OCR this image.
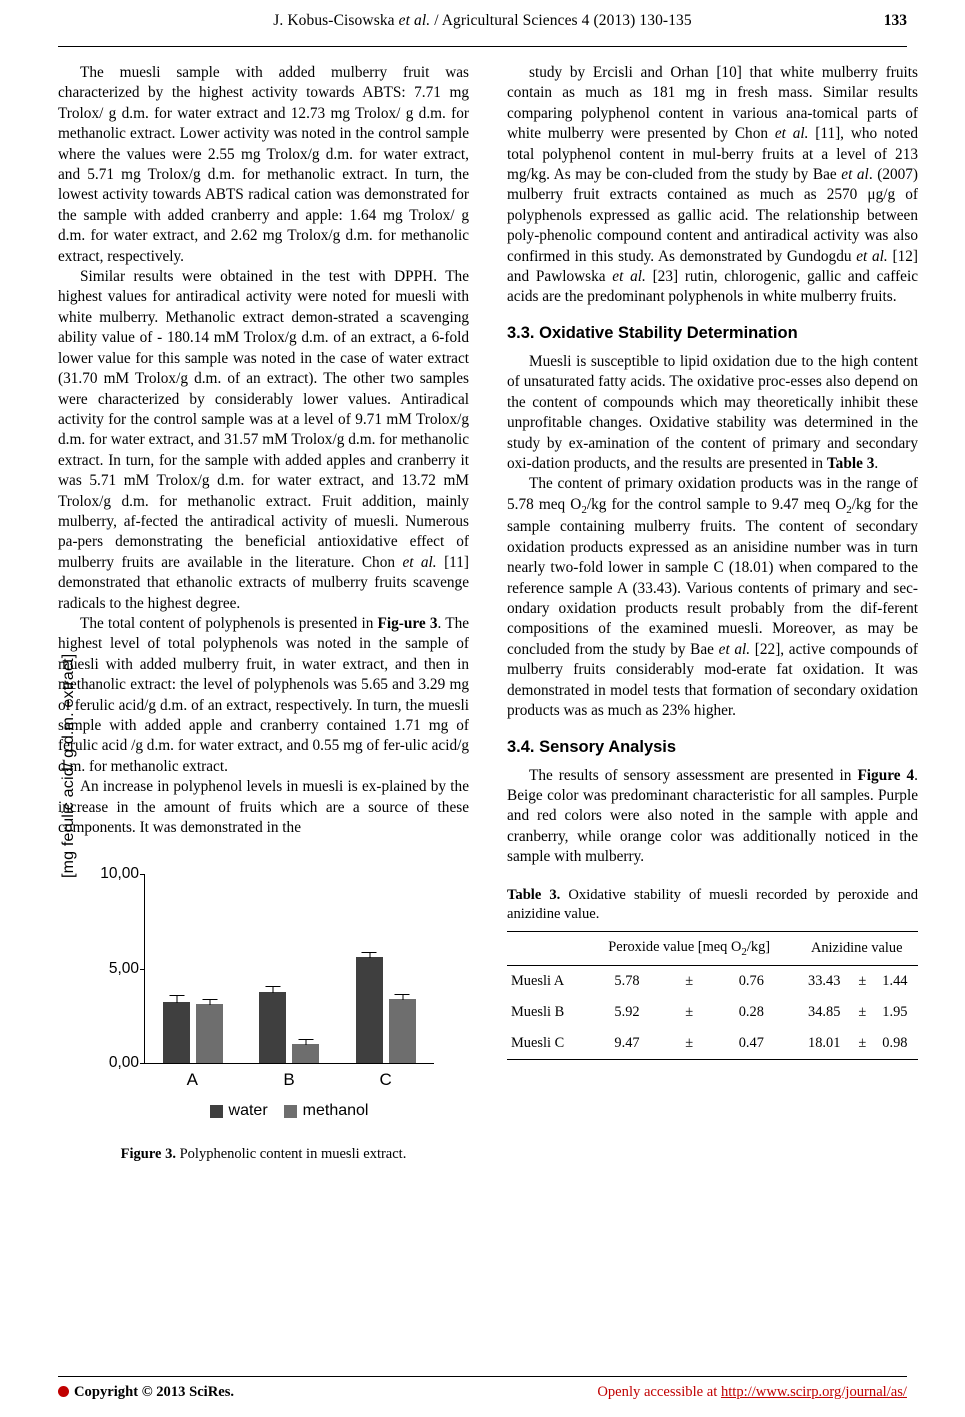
J. Kobus-Cisowska et al. / Agricultural Sciences 4 (2013) 130-135	133

The muesli sample with added mulberry fruit was characterized by the highest activity towards ABTS: 7.71 mg Trolox/ g d.m. for water extract and 12.73 mg Trolox/ g d.m. for methanolic extract. Lower activity was noted in the control sample where the values were 2.55 mg Trolox/g d.m. for water extract, and 5.71 mg Trolox/g d.m. for methanolic extract. In turn, the lowest activity towards ABTS radical cation was demonstrated for the sample with added cranberry and apple: 1.64 mg Trolox/ g d.m. for water extract, and 2.62 mg Trolox/g d.m. for methanolic extract, respectively.

Similar results were obtained in the test with DPPH. The highest values for antiradical activity were noted for muesli with white mulberry. Methanolic extract demon-strated a scavenging ability value of - 180.14 mM Trolox/g d.m. of an extract, a 6-fold lower value for this sample was noted in the case of water extract (31.70 mM Trolox/g d.m. of an extract). The other two samples were characterized by considerably lower values. Antiradical activity for the control sample was at a level of 9.71 mM Trolox/g d.m. for water extract, and 31.57 mM Trolox/g d.m. for methanolic extract. In turn, for the sample with added apples and cranberry it was 5.71 mM Trolox/g d.m. for water extract, and 13.72 mM Trolox/g d.m. for methanolic extract. Fruit addition, mainly mulberry, af-fected the antiradical activity of muesli. Numerous pa-pers demonstrating the beneficial antioxidative effect of mulberry fruits are available in the literature. Chon et al. [11] demonstrated that ethanolic extracts of mulberry fruits scavenge radicals to the highest degree.

The total content of polyphenols is presented in Fig-ure 3. The highest level of total polyphenols was noted in the sample of muesli with added mulberry fruit, in water extract, and then in methanolic extract: the level of polyphenols was 5.65 and 3.29 mg of ferulic acid/g d.m. of an extract, respectively. In turn, the muesli sample with added apple and cranberry contained 1.71 mg of ferulic acid /g d.m. for water extract, and 0.55 mg of fer-ulic acid/g d.m. for methanolic extract.

An increase in polyphenol levels in muesli is ex-plained by the increase in the amount of fruits which are a source of these components. It was demonstrated in the

[mg ferulic acid/ g d.m. extract] 10,00
5,00
0,00
A	B	C
water methanol
Figure 3. Polyphenolic content in muesli extract.

study by Ercisli and Orhan [10] that white mulberry fruits contain as much as 181 mg in fresh mass. Similar results comparing polyphenol content in various ana-tomical parts of white mulberry were presented by Chon et al. [11], who noted total polyphenol content in mul-berry fruits at a level of 213 mg/kg. As may be con-cluded from the study by Bae et al. (2007) mulberry fruit extracts contained as much as 2570 μg/g of polyphenols expressed as gallic acid. The relationship between poly-phenolic compound content and antiradical activity was also confirmed in this study. As demonstrated by Gundogdu et al. [12] and Pawlowska et al. [23] rutin, chlorogenic, gallic and caffeic acids are the predominant polyphenols in white mulberry fruits.

3.3. Oxidative Stability Determination

Muesli is susceptible to lipid oxidation due to the high content of unsaturated fatty acids. The oxidative proc-esses also depend on the content of compounds which may theoretically inhibit these unprofitable changes. Oxidative stability was determined in the study by ex-amination of the content of primary and secondary oxi-dation products, and the results are presented in Table 3.

The content of primary oxidation products was in the range of 5.78 meq $O_2/kg$ for the control sample to 9.47 meq $O_2/kg$ for the sample containing mulberry fruits. The content of secondary oxidation products expressed as an anisidine number was in turn nearly two-fold lower in sample C (18.01) when compared to the reference sample A (33.43). Various contents of primary and sec-ondary oxidation products result probably from the dif-ferent compositions of the examined muesli. Moreover, as may be concluded from the study by Bae et al. [22], active compounds of mulberry fruits considerably mod-erate fat oxidation. It was demonstrated in model tests that formation of secondary oxidation products was as much as 23% higher.

3.4. Sensory Analysis

The results of sensory assessment are presented in Figure 4. Beige color was predominant characteristic for all samples. Purple and red colors were also noted in the sample with apple and cranberry, while orange color was additionally noticed in the sample with mulberry.

Table 3. Oxidative stability of muesli recorded by peroxide and anizidine value.
	Peroxide value [meq $O_2/kg$]			Anizidine value		
Muesli A	5.78	±	0.76	33.43	±	1.44
Muesli B	5.92	±	0.28	34.85	±	1.95
Muesli C	9.47	±	0.47	18.01	±	0.98
Copyright © 2013 SciRes.	Openly accessible at http://www.scirp.org/journal/as/
